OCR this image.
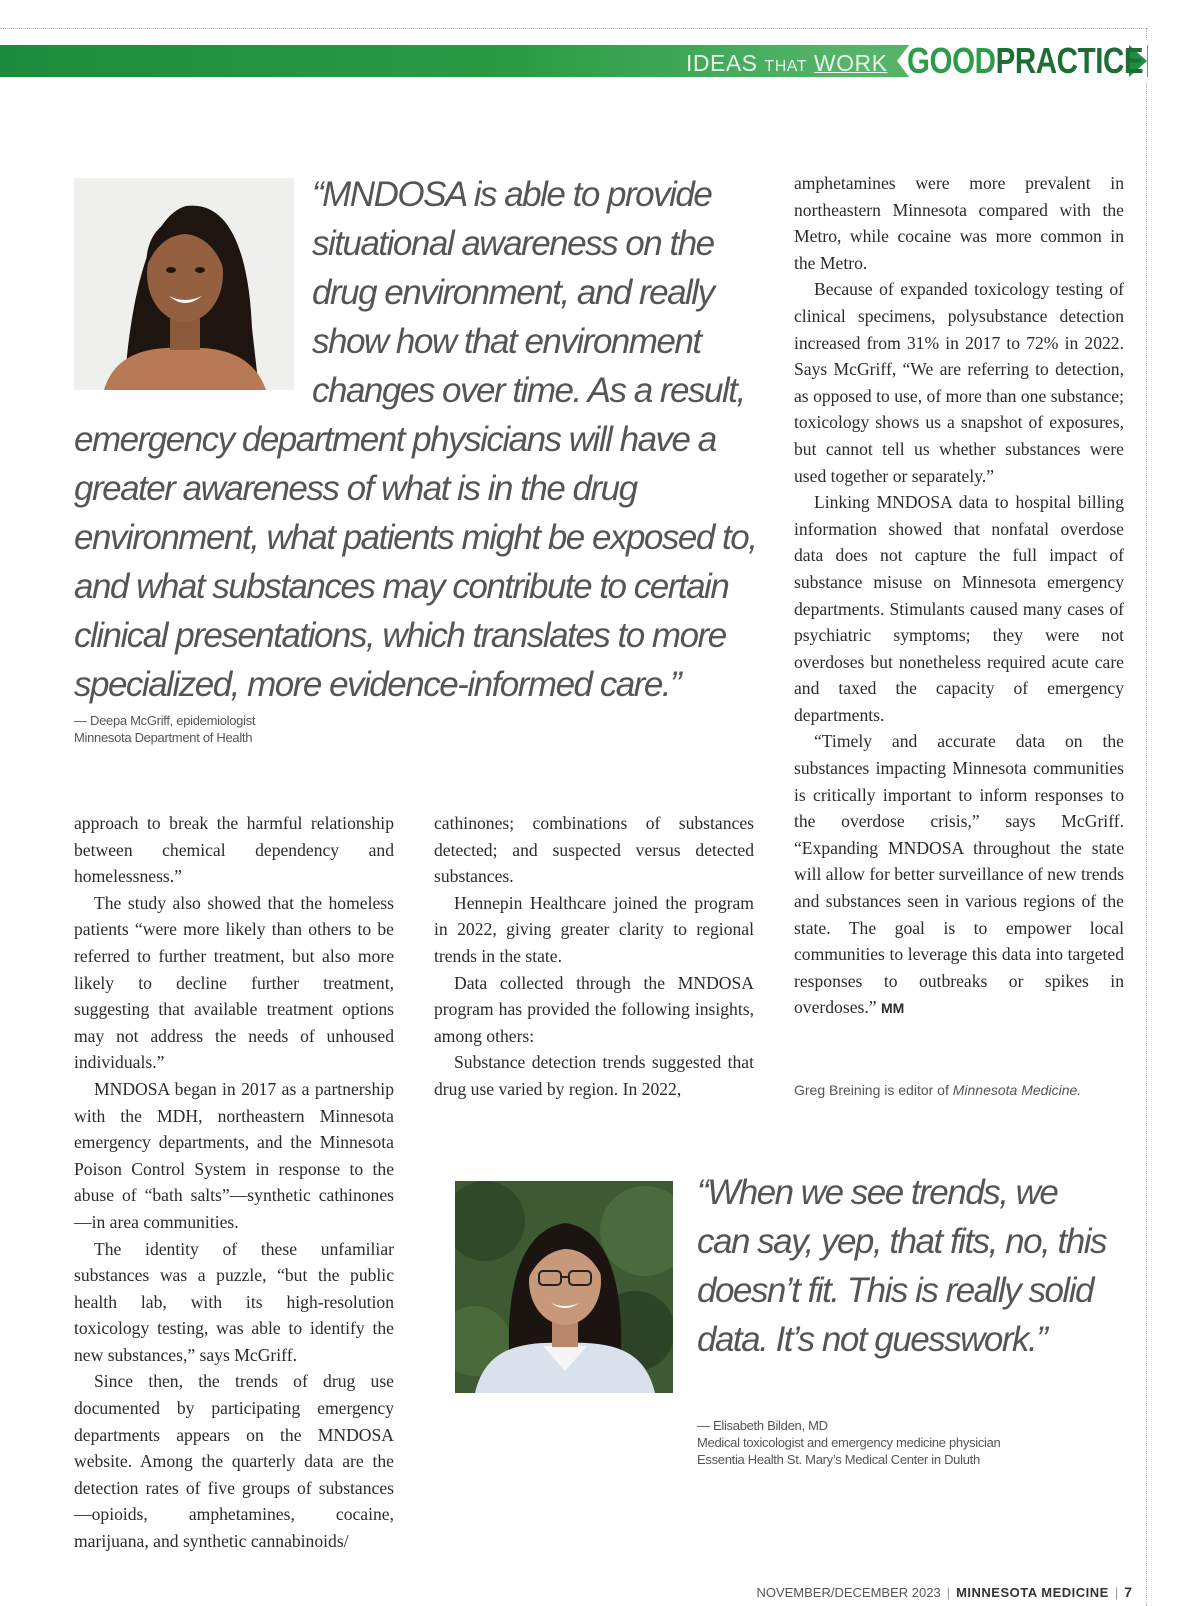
IDEAS THAT WORK GOODPRACTICE

“MNDOSA is able to provide situational awareness on the drug environment, and really show how that environment changes over time. As a result,

emergency department physicians will have a greater awareness of what is in the drug environment, what patients might be exposed to, and what substances may contribute to certain clinical presentations, which translates to more specialized, more evidence-informed care.”

— Deepa McGriff, epidemiologist
Minnesota Department of Health

approach to break the harmful relationship between chemical dependency and homelessness.”

The study also showed that the homeless patients “were more likely than others to be referred to further treatment, but also more likely to decline further treatment, suggesting that available treatment options may not address the needs of unhoused individuals.”

MNDOSA began in 2017 as a partnership with the MDH, northeastern Minnesota emergency departments, and the Minnesota Poison Control System in response to the abuse of “bath salts”—synthetic cathinones—in area communities.

The identity of these unfamiliar substances was a puzzle, “but the public health lab, with its high-resolution toxicology testing, was able to identify the new substances,” says McGriff.

Since then, the trends of drug use documented by participating emergency departments appears on the MNDOSA website. Among the quarterly data are the detection rates of five groups of substances—opioids, amphetamines, cocaine, marijuana, and synthetic cannabinoids/

cathinones; combinations of substances detected; and suspected versus detected substances.

Hennepin Healthcare joined the program in 2022, giving greater clarity to regional trends in the state.

Data collected through the MNDOSA program has provided the following insights, among others:

Substance detection trends suggested that drug use varied by region. In 2022,

amphetamines were more prevalent in northeastern Minnesota compared with the Metro, while cocaine was more common in the Metro.

Because of expanded toxicology testing of clinical specimens, polysubstance detection increased from 31% in 2017 to 72% in 2022. Says McGriff, “We are referring to detection, as opposed to use, of more than one substance; toxicology shows us a snapshot of exposures, but cannot tell us whether substances were used together or separately.”

Linking MNDOSA data to hospital billing information showed that nonfatal overdose data does not capture the full impact of substance misuse on Minnesota emergency departments. Stimulants caused many cases of psychiatric symptoms; they were not overdoses but nonetheless required acute care and taxed the capacity of emergency departments.

“Timely and accurate data on the substances impacting Minnesota communities is critically important to inform responses to the overdose crisis,” says McGriff. “Expanding MNDOSA throughout the state will allow for better surveillance of new trends and substances seen in various regions of the state. The goal is to empower local communities to leverage this data into targeted responses to outbreaks or spikes in overdoses.” MM

Greg Breining is editor of Minnesota Medicine.

“When we see trends, we can say, yep, that fits, no, this doesn’t fit. This is really solid data. It’s not guesswork.”

— Elisabeth Bilden, MD
Medical toxicologist and emergency medicine physician
Essentia Health St. Mary’s Medical Center in Duluth
NOVEMBER/DECEMBER 2023 | MINNESOTA MEDICINE | 7
